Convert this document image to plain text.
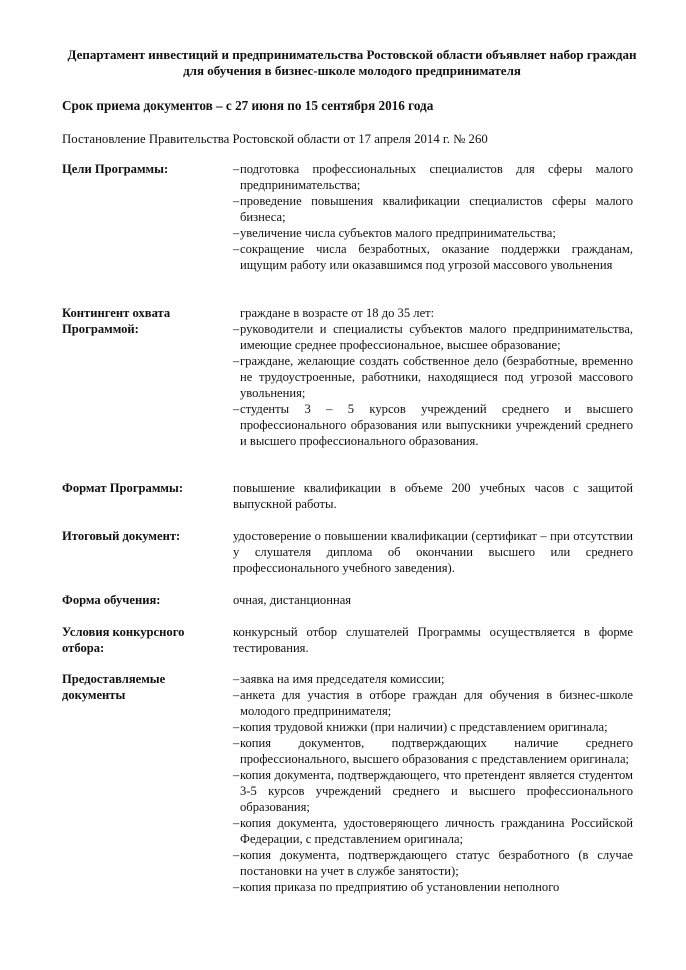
Департамент инвестиций и предпринимательства Ростовской области объявляет набор граждан для обучения в бизнес-школе молодого предпринимателя
Срок приема документов – с 27 июня по 15 сентября 2016 года
Постановление Правительства Ростовской области от 17 апреля 2014 г. № 260
Цели Программы:	– подготовка профессиональных специалистов для сферы малого предпринимательства;
– проведение повышения квалификации специалистов сферы малого бизнеса;
– увеличение числа субъектов малого предпринимательства;
– сокращение числа безработных, оказание поддержки гражданам, ищущим работу или оказавшимся под угрозой массового увольнения
Контингент охвата Программой:
граждане в возрасте от 18 до 35 лет:
– руководители и специалисты субъектов малого предпринимательства, имеющие среднее профессиональное, высшее образование;
– граждане, желающие создать собственное дело (безработные, временно не трудоустроенные, работники, находящиеся под угрозой массового увольнения;
– студенты 3 – 5 курсов учреждений среднего и высшего профессионального образования или выпускники учреждений среднего и высшего профессионального образования.
Формат Программы:	повышение квалификации в объеме 200 учебных часов с защитой выпускной работы.
Итоговый документ:	удостоверение о повышении квалификации (сертификат – при отсутствии у слушателя диплома об окончании высшего или среднего профессионального учебного заведения).
Форма обучения:	очная, дистанционная
Условия конкурсного отбора:
конкурсный отбор слушателей Программы осуществляется в форме тестирования.
Предоставляемые документы
– заявка на имя председателя комиссии;
– анкета для участия в отборе граждан для обучения в бизнес-школе молодого предпринимателя;
– копия трудовой книжки (при наличии) с представлением оригинала;
– копия документов, подтверждающих наличие среднего профессионального, высшего образования с представлением оригинала;
– копия документа, подтверждающего, что претендент является студентом 3-5 курсов учреждений среднего и высшего профессионального образования;
– копия документа, удостоверяющего личность гражданина Российской Федерации, с представлением оригинала;
– копия документа, подтверждающего статус безработного (в случае постановки на учет в службе занятости);
– копия приказа по предприятию об установлении неполного
